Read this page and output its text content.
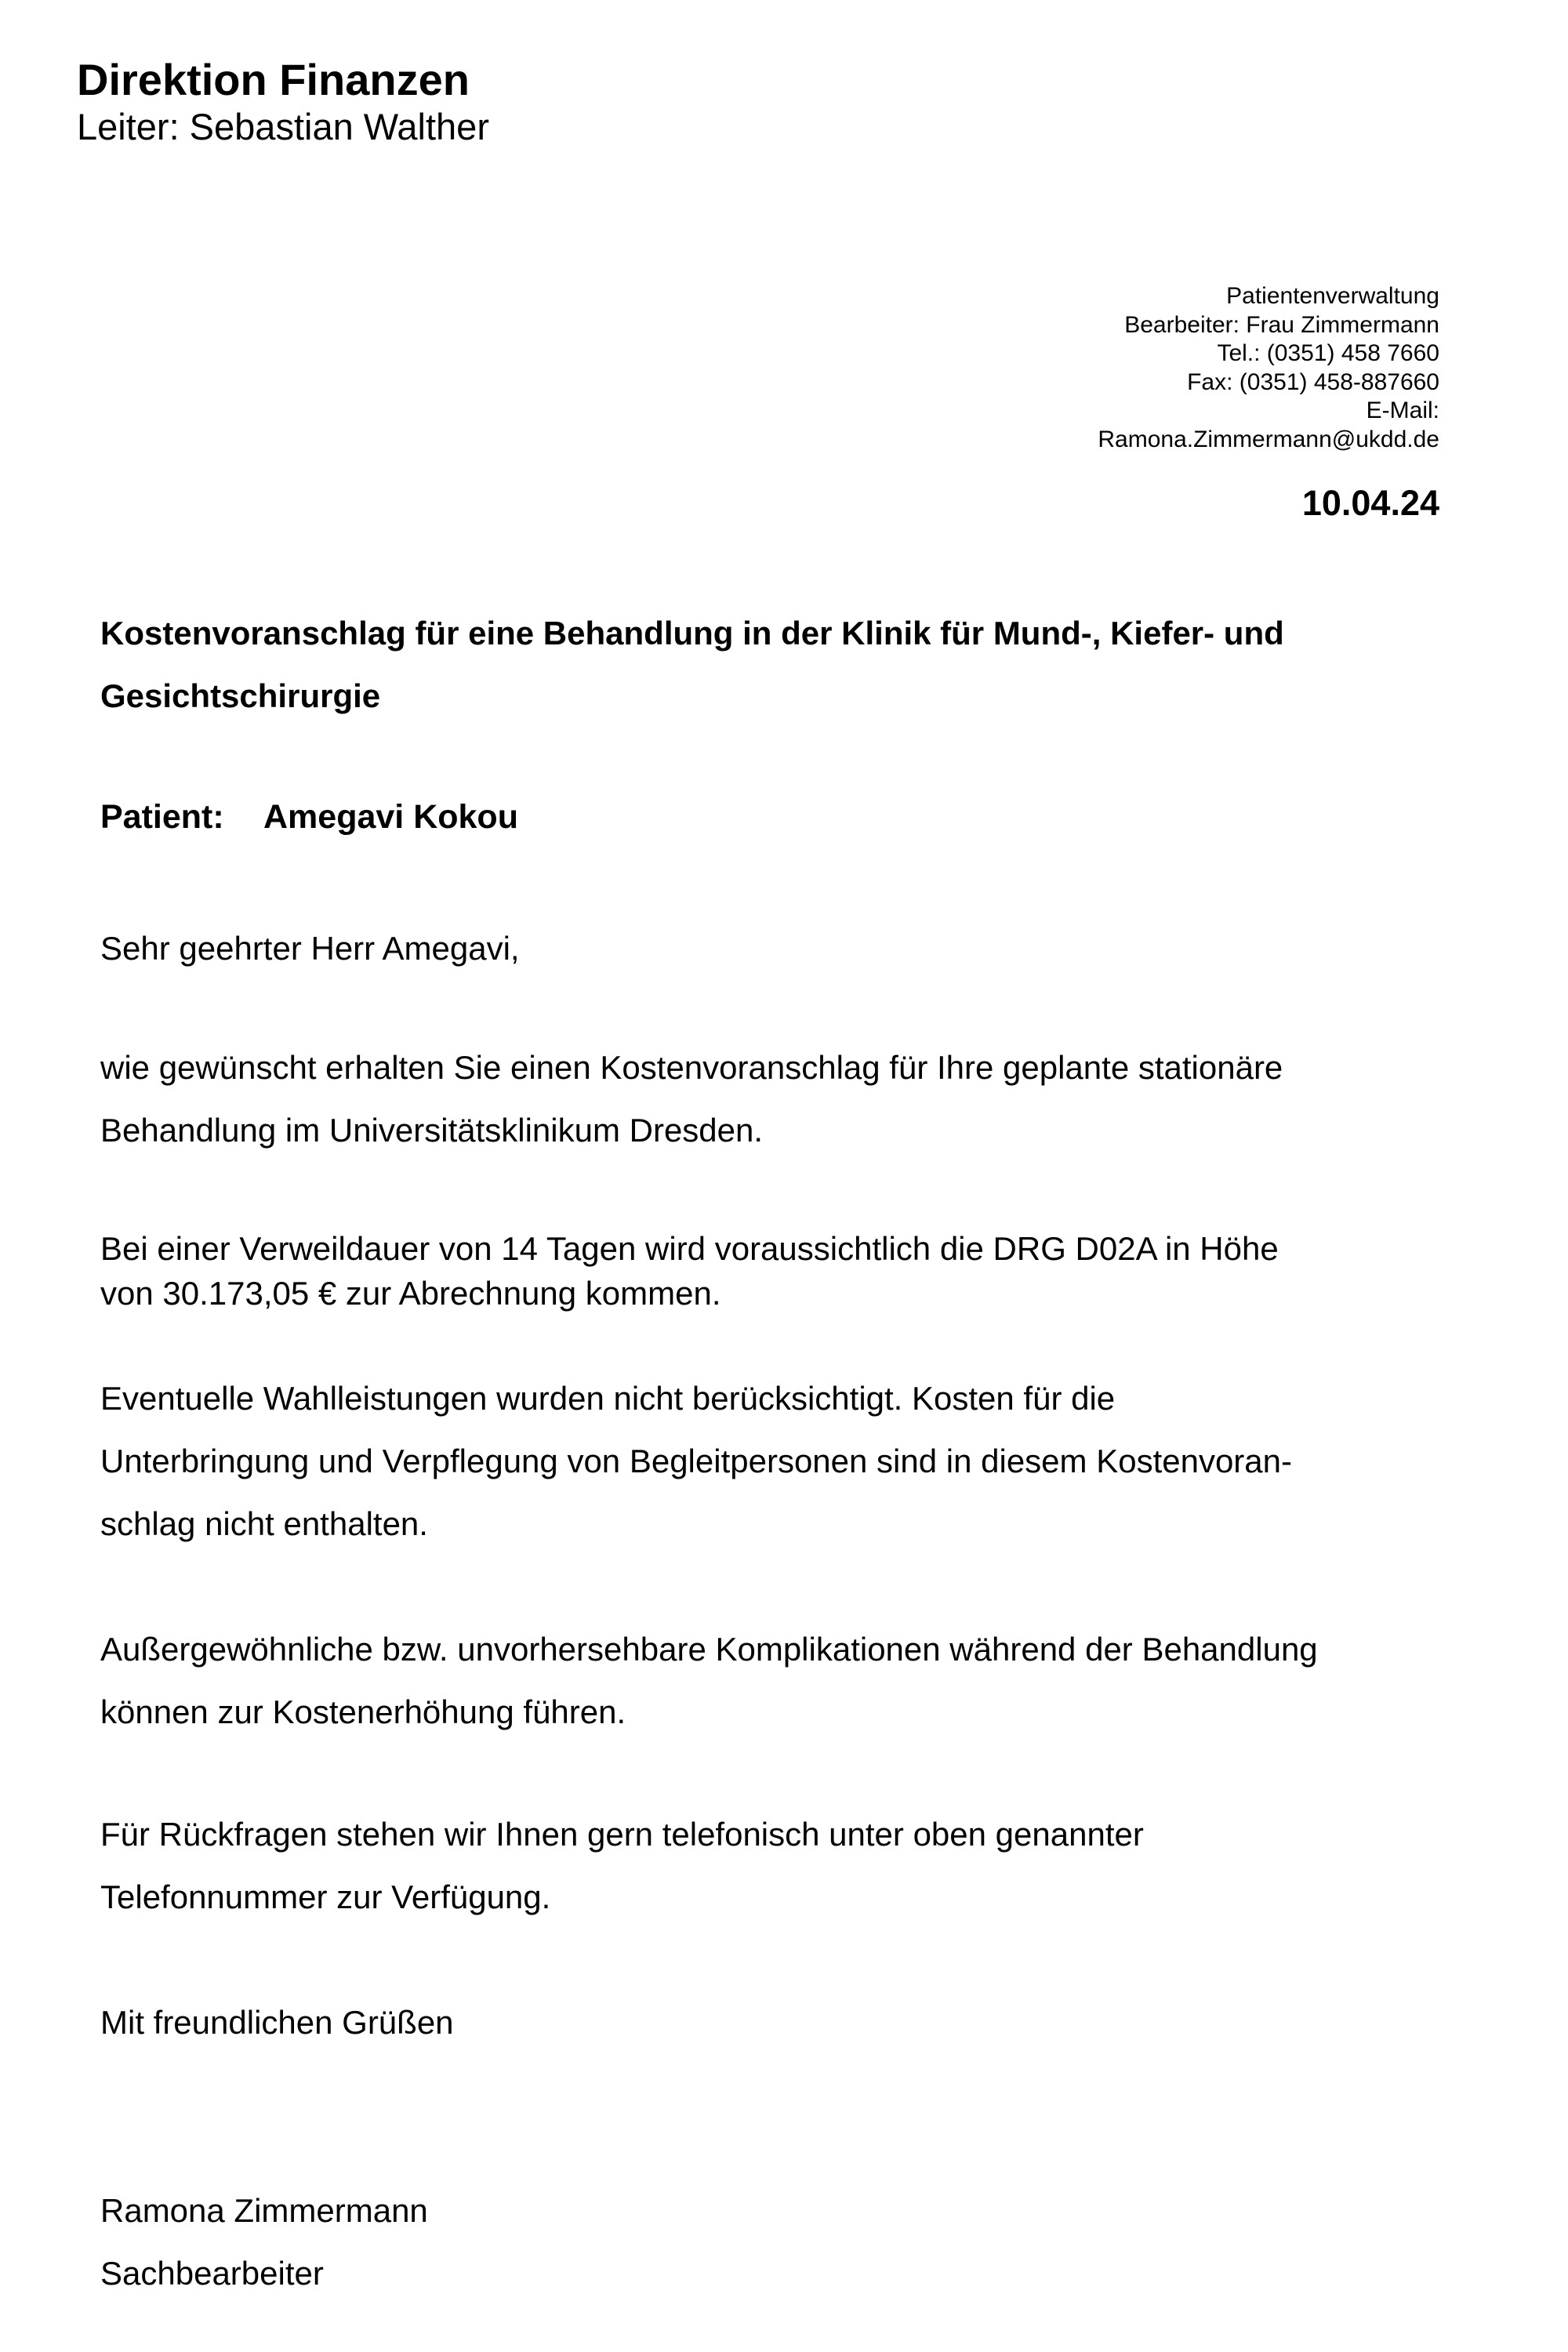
Direktion Finanzen
Leiter: Sebastian Walther
Patientenverwaltung
Bearbeiter: Frau Zimmermann
Tel.: (0351) 458 7660
Fax: (0351) 458-887660
E-Mail:
Ramona.Zimmermann@ukdd.de
10.04.24
Kostenvoranschlag für eine Behandlung in der Klinik für Mund-, Kiefer- und
Gesichtschirurgie
Patient: Amegavi Kokou
Sehr geehrter Herr Amegavi,
wie gewünscht erhalten Sie einen Kostenvoranschlag für Ihre geplante stationäre
Behandlung im Universitätsklinikum Dresden.
Bei einer Verweildauer von 14 Tagen wird voraussichtlich die DRG D02A in Höhe
von 30.173,05 € zur Abrechnung kommen.
Eventuelle Wahlleistungen wurden nicht berücksichtigt. Kosten für die
Unterbringung und Verpflegung von Begleitpersonen sind in diesem Kostenvoran-
schlag nicht enthalten.
Außergewöhnliche bzw. unvorhersehbare Komplikationen während der Behandlung
können zur Kostenerhöhung führen.
Für Rückfragen stehen wir Ihnen gern telefonisch unter oben genannter
Telefonnummer zur Verfügung.
Mit freundlichen Grüßen
Ramona Zimmermann
Sachbearbeiter
